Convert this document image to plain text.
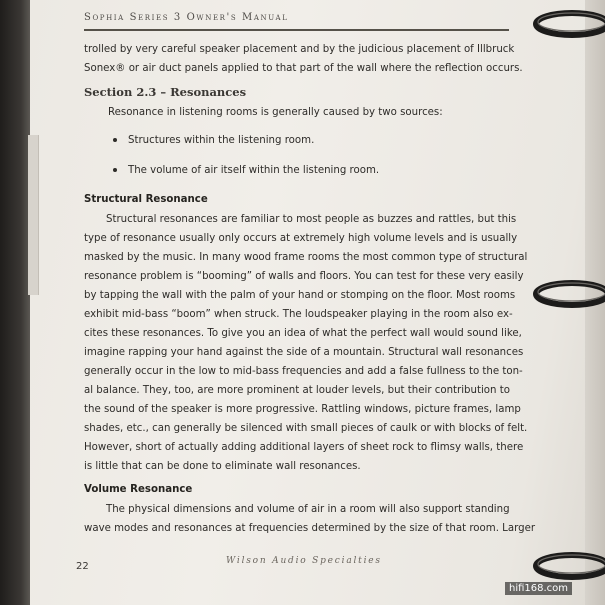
Sophia Series 3 Owner's Manual
trolled by very careful speaker placement and by the judicious placement of Illbruck
Sonex® or air duct panels applied to that part of the wall where the reflection occurs.
Section 2.3 – Resonances
Resonance in listening rooms is generally caused by two sources:
Structures within the listening room.
The volume of air itself within the listening room.
Structural Resonance
Structural resonances are familiar to most people as buzzes and rattles, but this
type of resonance usually only occurs at extremely high volume levels and is usually
masked by the music. In many wood frame rooms the most common type of structural
resonance problem is “booming” of walls and floors. You can test for these very easily
by tapping the wall with the palm of your hand or stomping on the floor. Most rooms
exhibit mid-bass “boom” when struck. The loudspeaker playing in the room also ex-
cites these resonances. To give you an idea of what the perfect wall would sound like,
imagine rapping your hand against the side of a mountain. Structural wall resonances
generally occur in the low to mid-bass frequencies and add a false fullness to the ton-
al balance. They, too, are more prominent at louder levels, but their contribution to
the sound of the speaker is more progressive. Rattling windows, picture frames, lamp
shades, etc., can generally be silenced with small pieces of caulk or with blocks of felt.
However, short of actually adding additional layers of sheet rock to flimsy walls, there
is little that can be done to eliminate wall resonances.
Volume Resonance
The physical dimensions and volume of air in a room will also support standing
wave modes and resonances at frequencies determined by the size of that room. Larger
Wilson Audio Specialties
22
hifi168.com
